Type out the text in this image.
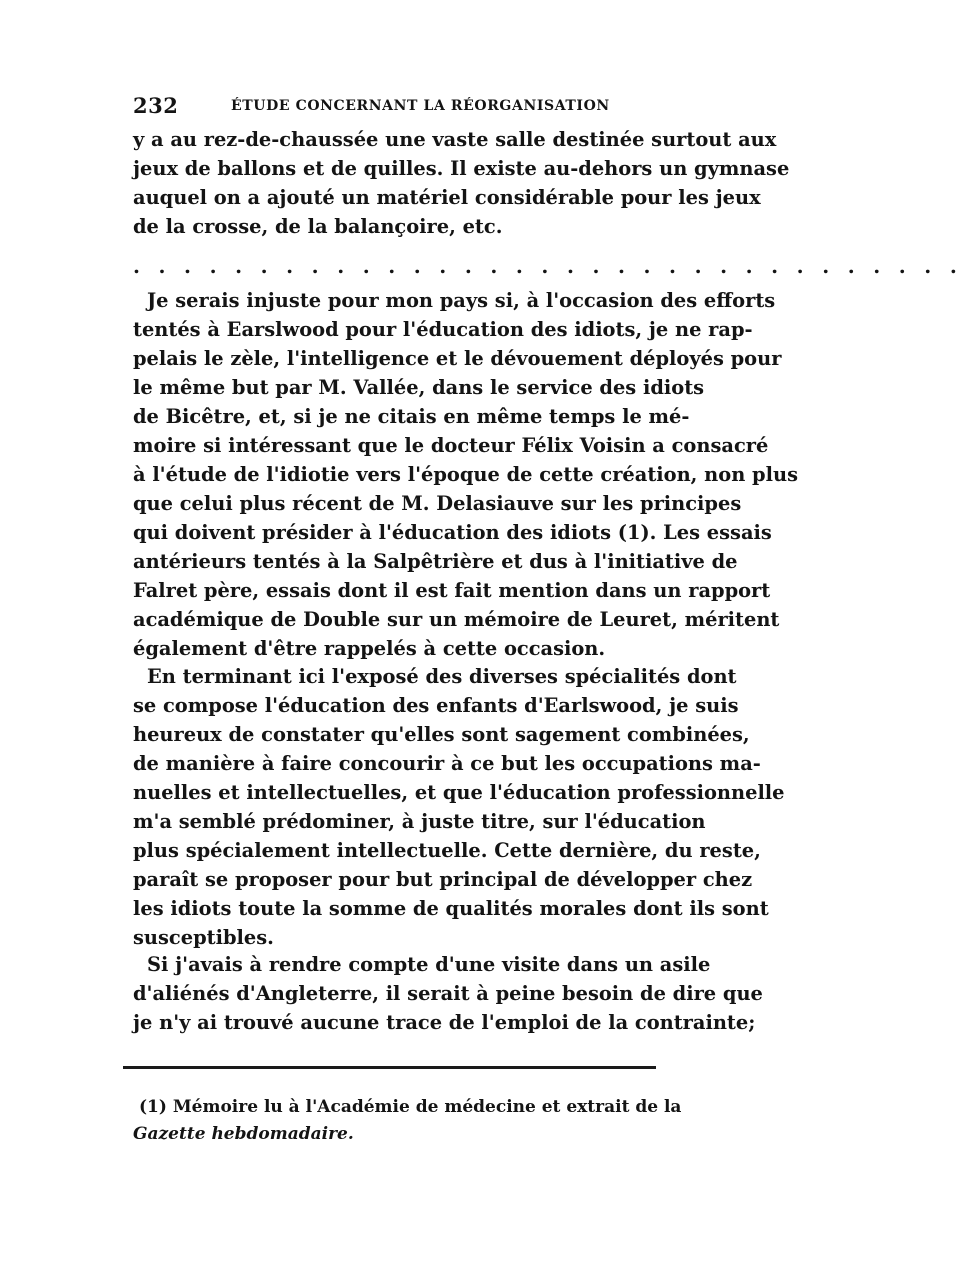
232	ÉTUDE CONCERNANT LA RÉORGANISATION
y a au rez-de-chaussée une vaste salle destinée surtout aux
jeux de ballons et de quilles. Il existe au-dehors un gymnase
auquel on a ajouté un matériel considérable pour les jeux
de la crosse, de la balançoire, etc.
. . . . . . . . . . . . . . . . . . . . . . . . . . . . . . . . .
Je serais injuste pour mon pays si, à l'occasion des efforts
tentés à Earslwood pour l'éducation des idiots, je ne rap-
pelais le zèle, l'intelligence et le dévouement déployés pour
le même but par M. Vallée, dans le service des idiots
de Bicêtre, et, si je ne citais en même temps le mé-
moire si intéressant que le docteur Félix Voisin a consacré
à l'étude de l'idiotie vers l'époque de cette création, non plus
que celui plus récent de M. Delasiauve sur les principes
qui doivent présider à l'éducation des idiots (1). Les essais
antérieurs tentés à la Salpêtrière et dus à l'initiative de
Falret père, essais dont il est fait mention dans un rapport
académique de Double sur un mémoire de Leuret, méritent
également d'être rappelés à cette occasion.
En terminant ici l'exposé des diverses spécialités dont
se compose l'éducation des enfants d'Earlswood, je suis
heureux de constater qu'elles sont sagement combinées,
de manière à faire concourir à ce but les occupations ma-
nuelles et intellectuelles, et que l'éducation professionnelle
m'a semblé prédominer, à juste titre, sur l'éducation
plus spécialement intellectuelle. Cette dernière, du reste,
paraît se proposer pour but principal de développer chez
les idiots toute la somme de qualités morales dont ils sont
susceptibles.
Si j'avais à rendre compte d'une visite dans un asile
d'aliénés d'Angleterre, il serait à peine besoin de dire que
je n'y ai trouvé aucune trace de l'emploi de la contrainte;
(1) Mémoire lu à l'Académie de médecine et extrait de la
Gazette hebdomadaire.
